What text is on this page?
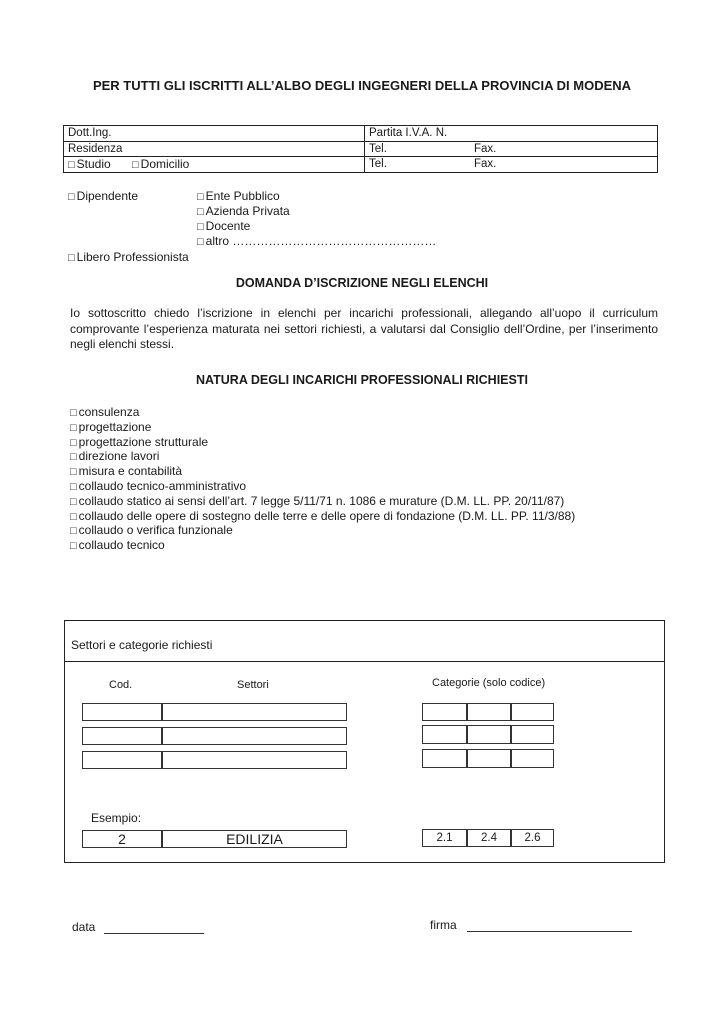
PER TUTTI GLI ISCRITTI ALL’ALBO DEGLI INGEGNERI DELLA PROVINCIA DI MODENA
Dott.Ing.	Partita I.V.A. N.
Residenza	Tel.	Fax.
□ Studio	□ Domicilio	Tel.	Fax.
□ Dipendente	□ Ente Pubblico
□ Azienda Privata
□ Docente
□ altro ……………………………………………
□ Libero Professionista
DOMANDA D’ISCRIZIONE NEGLI ELENCHI
Io sottoscritto chiedo l’iscrizione in elenchi per incarichi professionali, allegando all’uopo il curriculum comprovante l’esperienza maturata nei settori richiesti, a valutarsi dal Consiglio dell’Ordine, per l’inserimento negli elenchi stessi.
NATURA DEGLI INCARICHI PROFESSIONALI RICHIESTI
□ consulenza
□ progettazione
□ progettazione strutturale
□ direzione lavori
□ misura e contabilità
□ collaudo tecnico-amministrativo
□ collaudo statico ai sensi dell’art. 7 legge 5/11/71 n. 1086 e murature (D.M. LL. PP. 20/11/87)
□ collaudo delle opere di sostegno delle terre e delle opere di fondazione (D.M. LL. PP. 11/3/88)
□ collaudo o verifica funzionale
□ collaudo tecnico
Settori e categorie richiesti
Cod.	Settori	Categorie (solo codice)
Esempio:
2	EDILIZIA	2.1	2.4	2.6
data	firma
